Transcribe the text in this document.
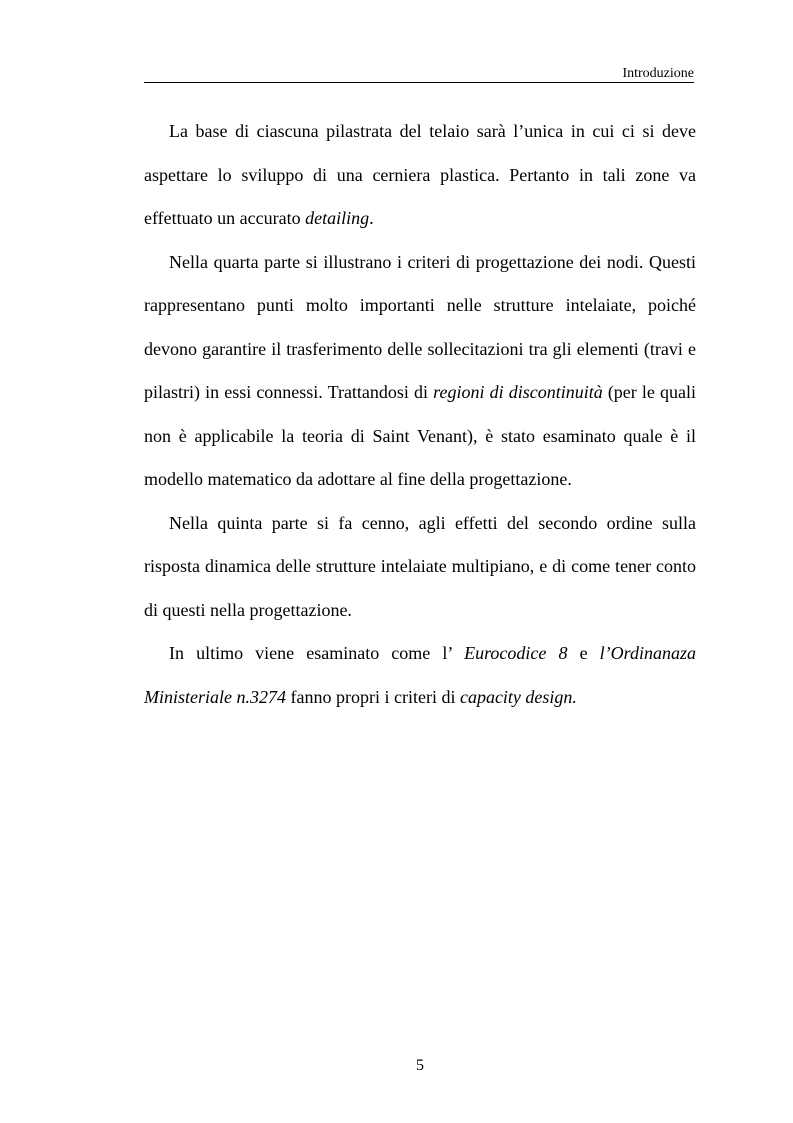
Introduzione

La base di ciascuna pilastrata del telaio sarà l’unica in cui ci si deve aspettare lo sviluppo di una cerniera plastica. Pertanto in tali zone va effettuato un accurato detailing.

Nella quarta parte si illustrano i criteri di progettazione dei nodi. Questi rappresentano punti molto importanti nelle strutture intelaiate, poiché devono garantire il trasferimento delle sollecitazioni tra gli elementi (travi e pilastri) in essi connessi. Trattandosi di regioni di discontinuità (per le quali non è applicabile la teoria di Saint Venant), è stato esaminato quale è il modello matematico da adottare al fine della progettazione.

Nella quinta parte si fa cenno, agli effetti del secondo ordine sulla risposta dinamica delle strutture intelaiate multipiano, e di come tener conto di questi nella progettazione.

In ultimo viene esaminato come l’ Eurocodice 8 e l’Ordinanaza Ministeriale n.3274 fanno propri i criteri di capacity design.

5
